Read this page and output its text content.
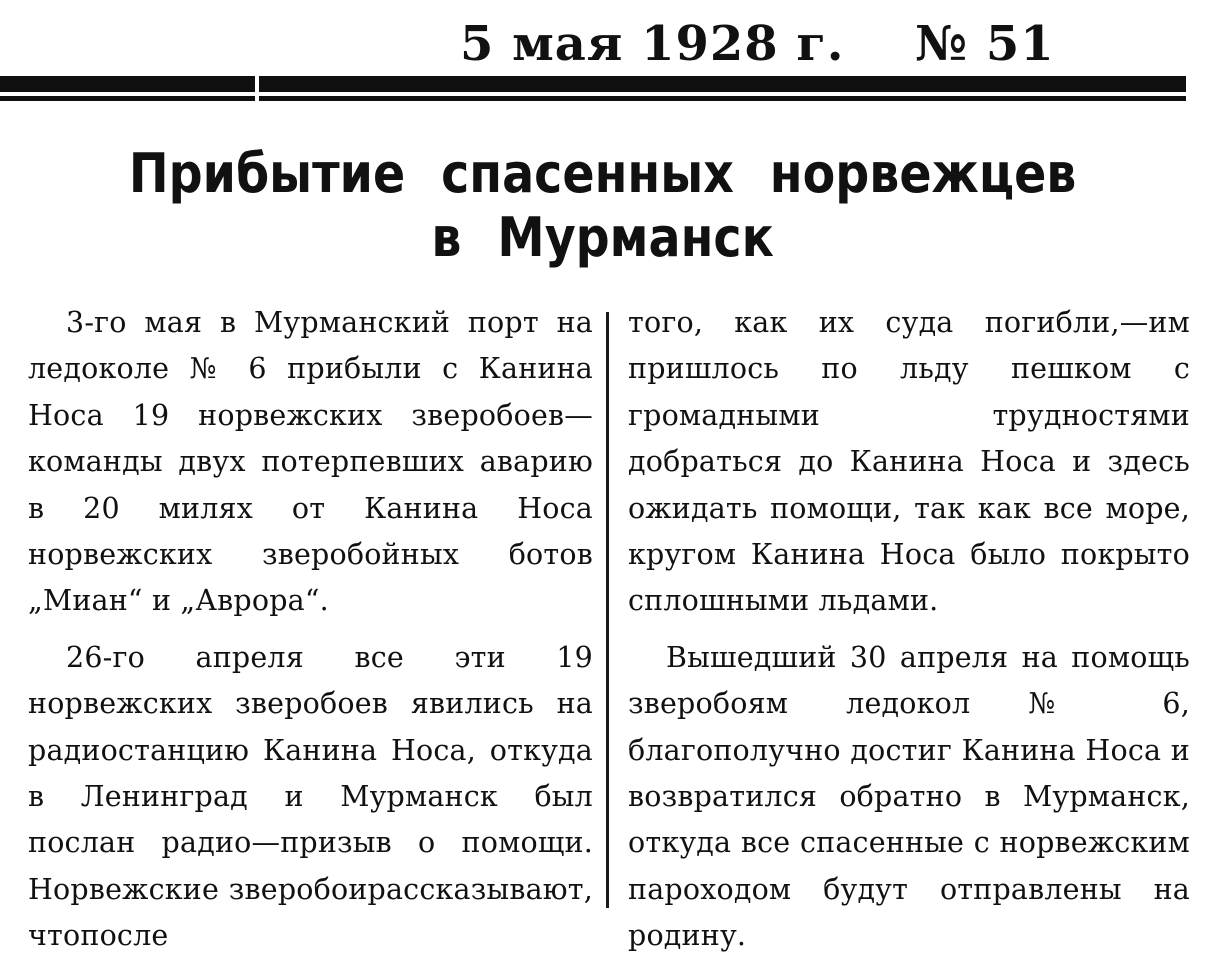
5 мая 1928 г. № 51
Прибытие спасенных норвежцев
в Мурманск

3-го мая в Мурманский порт на ледоколе № 6 прибыли с Канина Носа 19 норвежских зверобоев—команды двух потерпевших аварию в 20 милях от Канина Носа норвежских зверобойных ботов „Миан“ и „Аврора“.

26-го апреля все эти 19 норвежских зверобоев явились на радиостанцию Канина Носа, откуда в Ленинград и Мурманск был послан радио—призыв о помощи. Норвежские зверобоирассказывают, чтопосле

того, как их суда погибли,—им пришлось по льду пешком с громадными трудностями добраться до Канина Носа и здесь ожидать помощи, так как все море, кругом Канина Носа было покрыто сплошными льдами.

Вышедший 30 апреля на помощь зверобоям ледокол № 6, благополучно достиг Канина Носа и возвратился обратно в Мурманск, откуда все спасенные с норвежским пароходом будут отправлены на родину.
